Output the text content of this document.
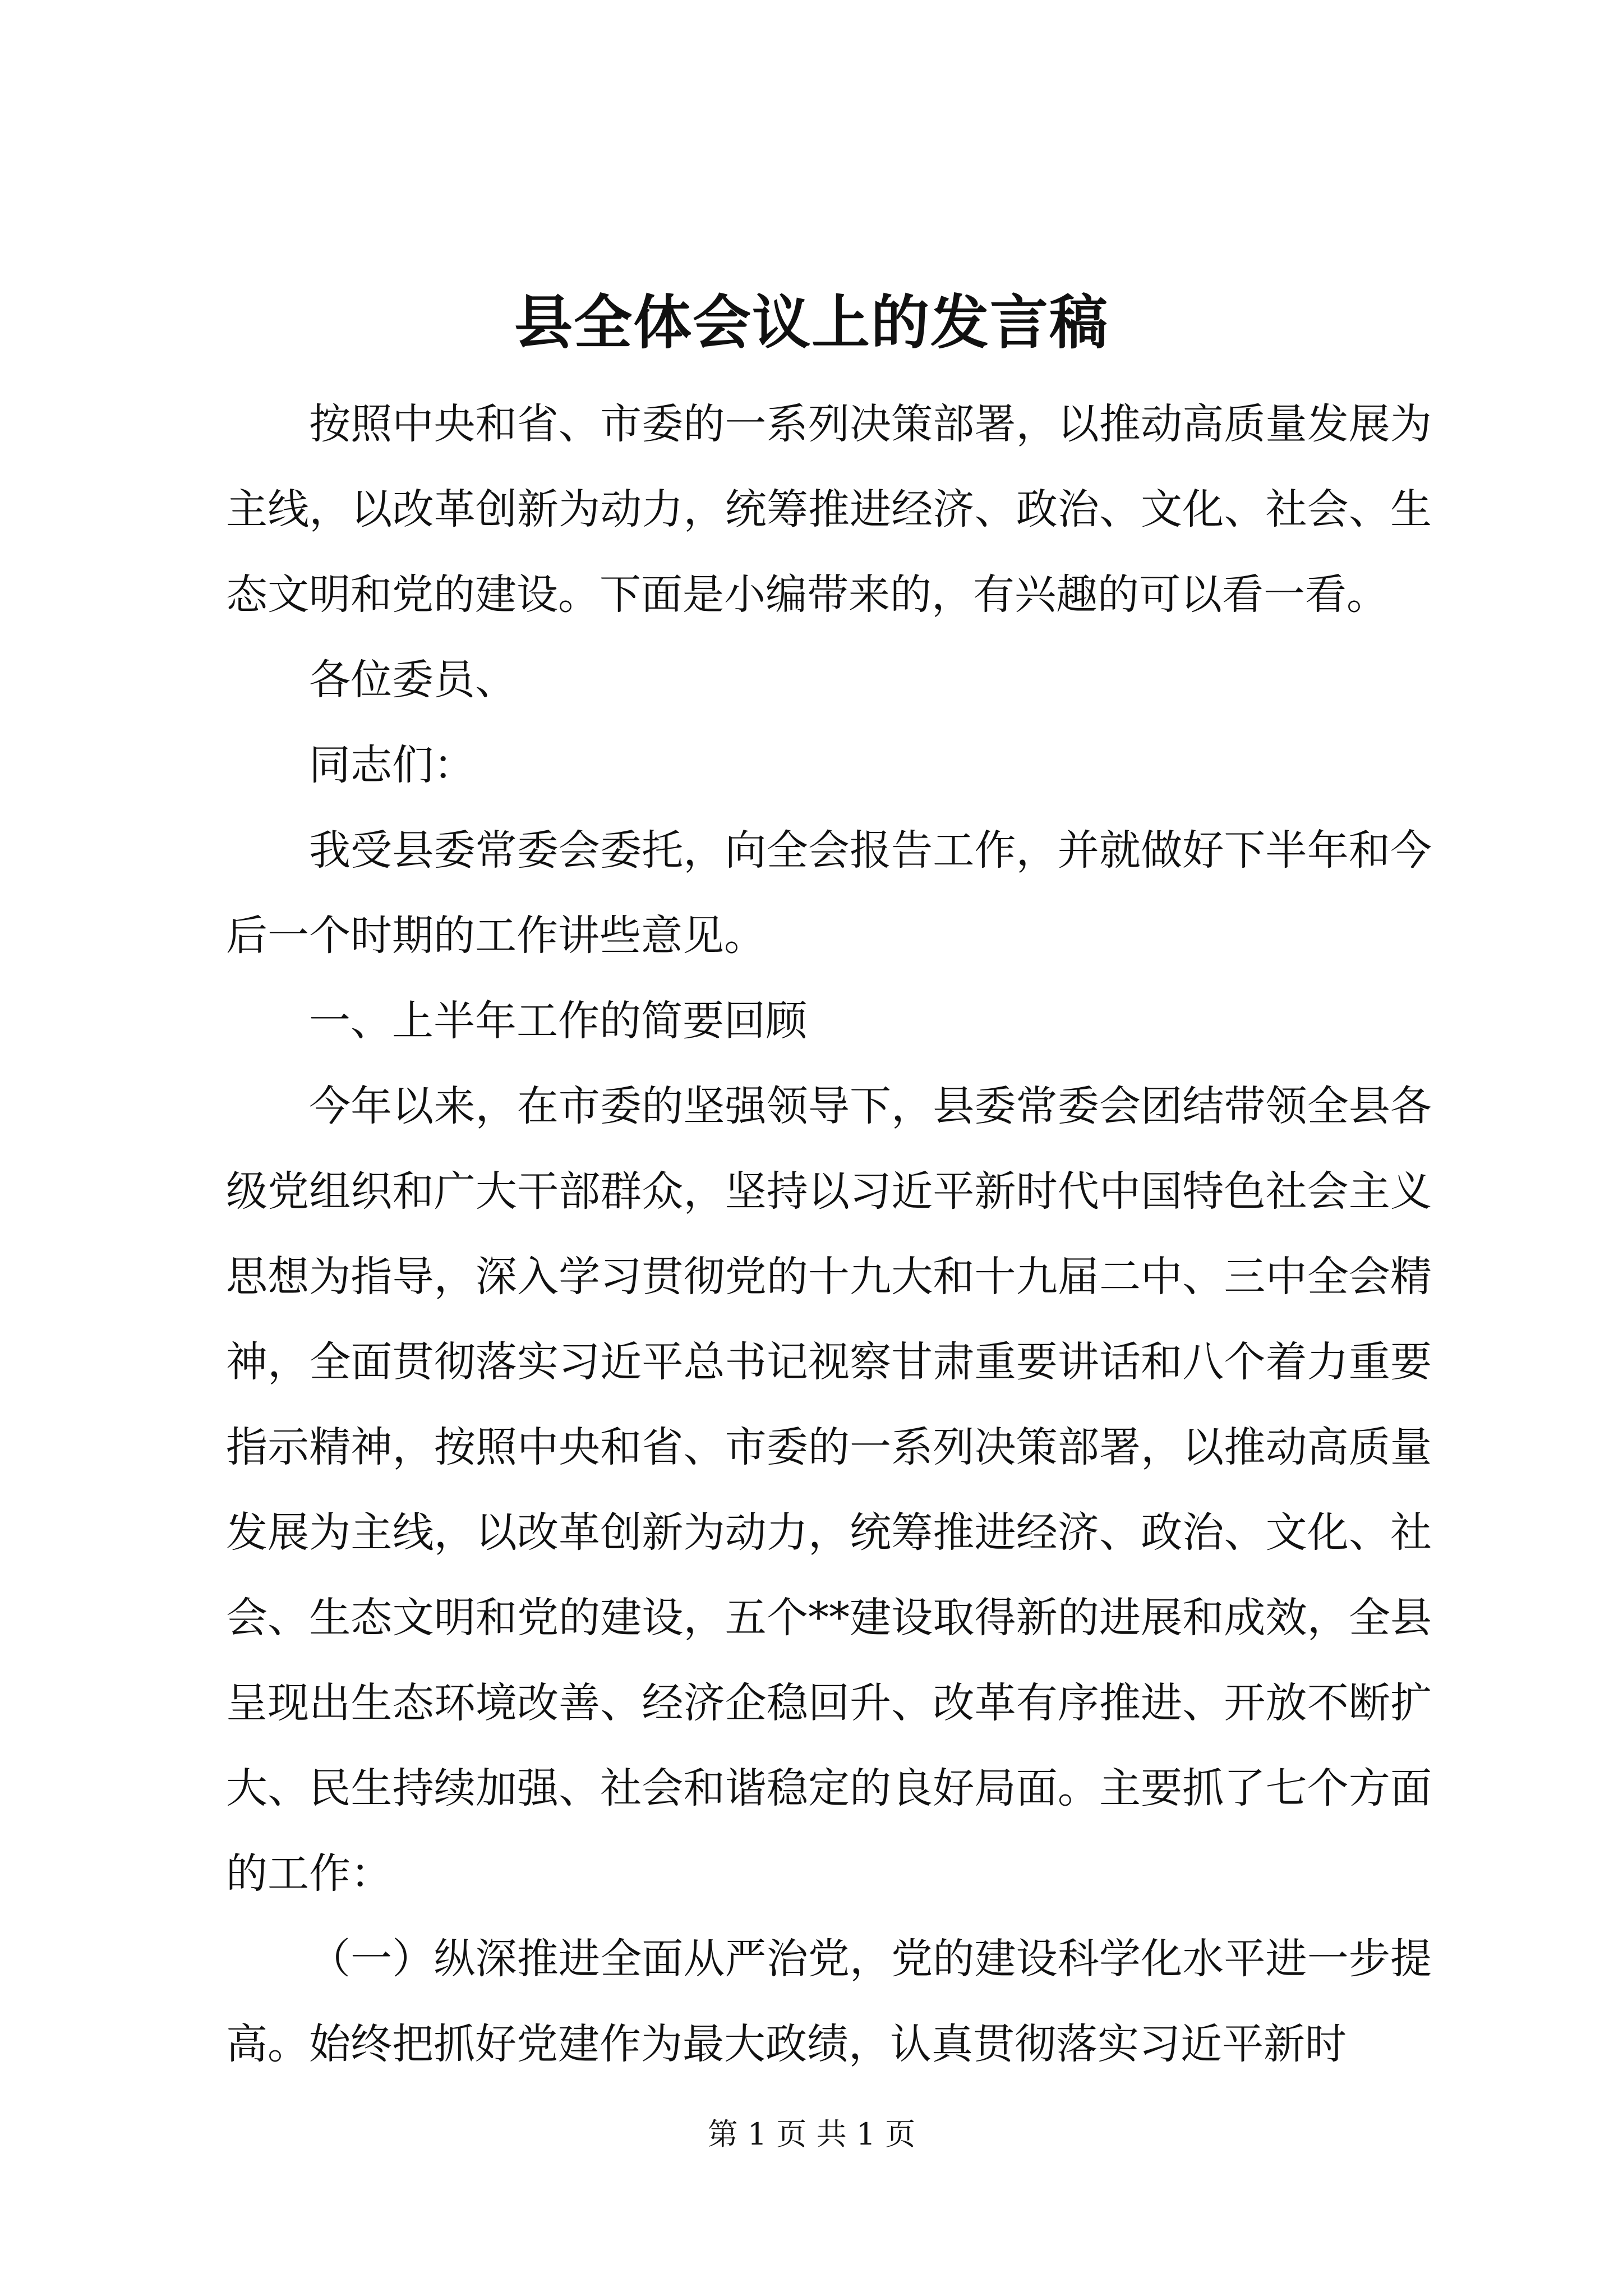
县全体会议上的发言稿

按照中央和省、市委的一系列决策部署，以推动高质量发展为主线，以改革创新为动力，统筹推进经济、政治、文化、社会、生态文明和党的建设。下面是小编带来的，有兴趣的可以看一看。

各位委员、

同志们：

我受县委常委会委托，向全会报告工作，并就做好下半年和今后一个时期的工作讲些意见。

一、上半年工作的简要回顾

今年以来，在市委的坚强领导下，县委常委会团结带领全县各级党组织和广大干部群众，坚持以习近平新时代中国特色社会主义思想为指导，深入学习贯彻党的十九大和十九届二中、三中全会精神，全面贯彻落实习近平总书记视察甘肃重要讲话和八个着力重要指示精神，按照中央和省、市委的一系列决策部署，以推动高质量发展为主线，以改革创新为动力，统筹推进经济、政治、文化、社会、生态文明和党的建设，五个**建设取得新的进展和成效，全县呈现出生态环境改善、经济企稳回升、改革有序推进、开放不断扩大、民生持续加强、社会和谐稳定的良好局面。主要抓了七个方面的工作：

（一）纵深推进全面从严治党，党的建设科学化水平进一步提高。始终把抓好党建作为最大政绩，认真贯彻落实习近平新时

第 1 页 共 1 页
